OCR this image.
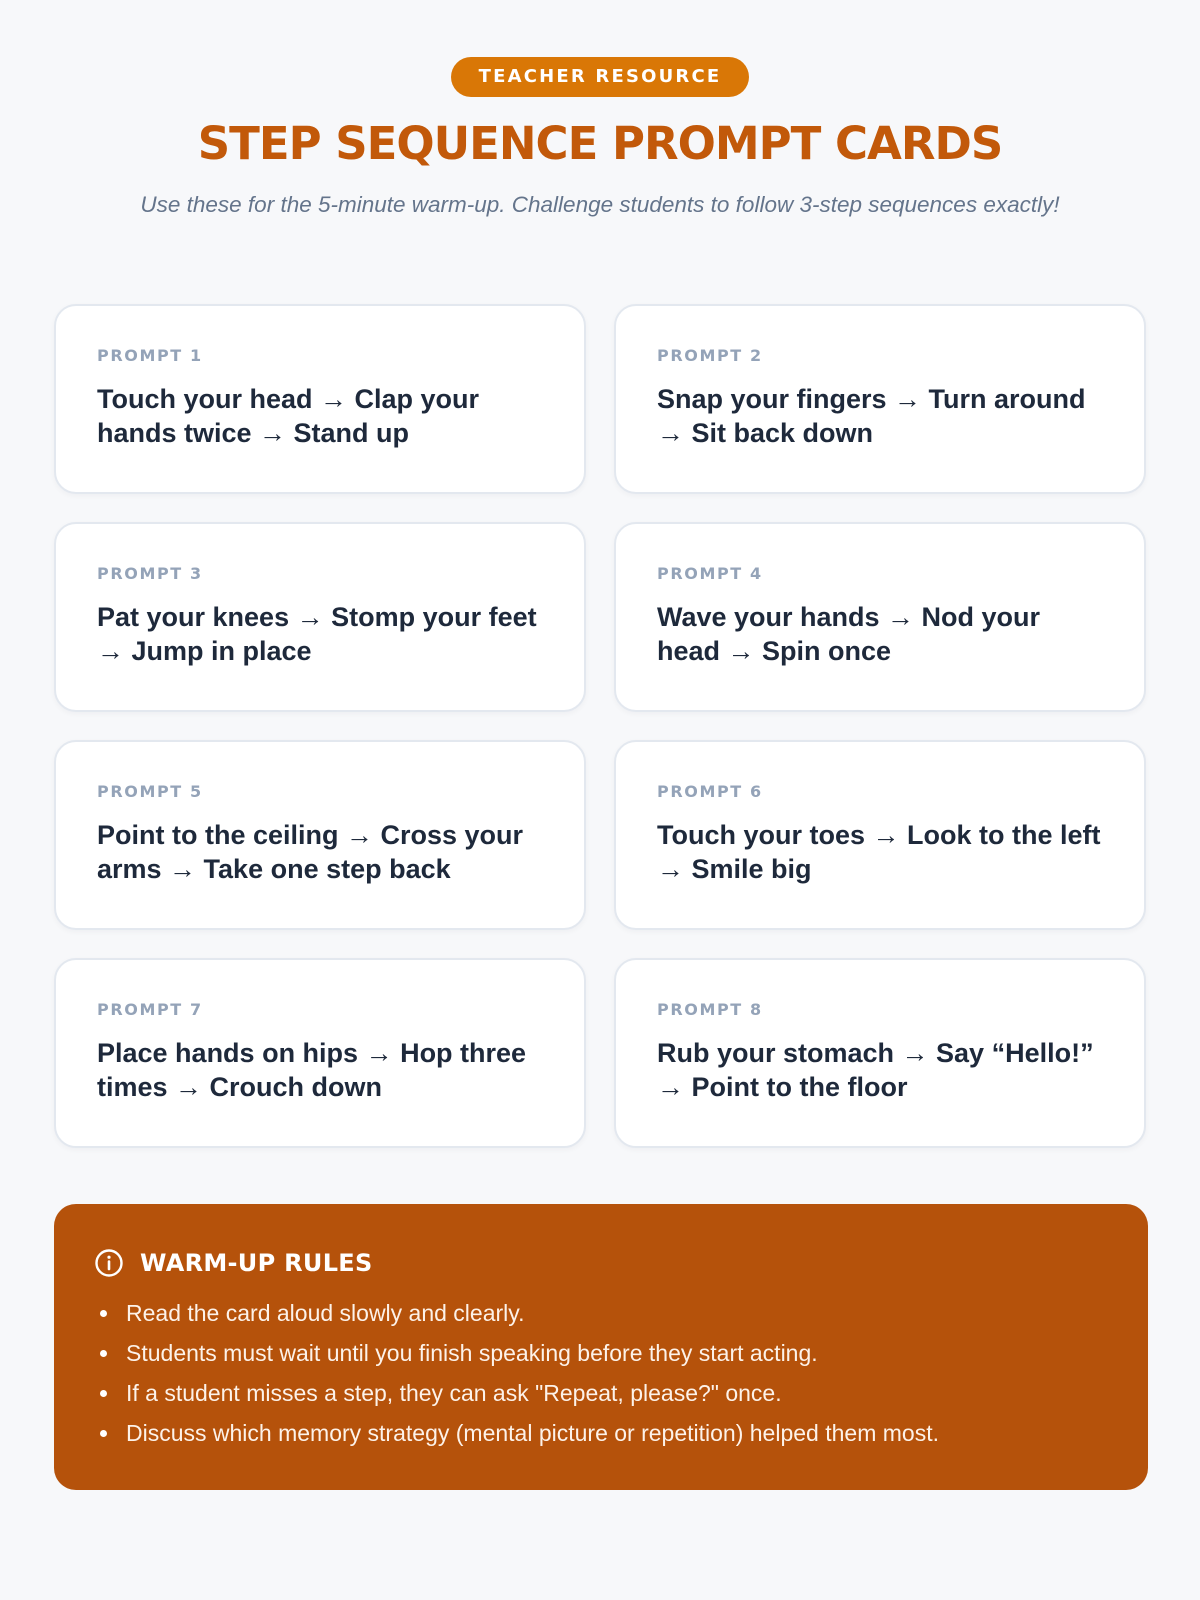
TEACHER RESOURCE
STEP SEQUENCE PROMPT CARDS

Use these for the 5-minute warm-up. Challenge students to follow 3-step sequences exactly!

PROMPT 1
Touch your head → Clap your hands twice → Stand up
PROMPT 2
Snap your fingers → Turn around → Sit back down
PROMPT 3
Pat your knees → Stomp your feet → Jump in place
PROMPT 4
Wave your hands → Nod your head → Spin once
PROMPT 5
Point to the ceiling → Cross your arms → Take one step back
PROMPT 6
Touch your toes → Look to the left → Smile big
PROMPT 7
Place hands on hips → Hop three times → Crouch down
PROMPT 8
Rub your stomach → Say “Hello!” → Point to the floor
WARM-UP RULES
Read the card aloud slowly and clearly.
Students must wait until you finish speaking before they start acting.
If a student misses a step, they can ask "Repeat, please?" once.
Discuss which memory strategy (mental picture or repetition) helped them most.
